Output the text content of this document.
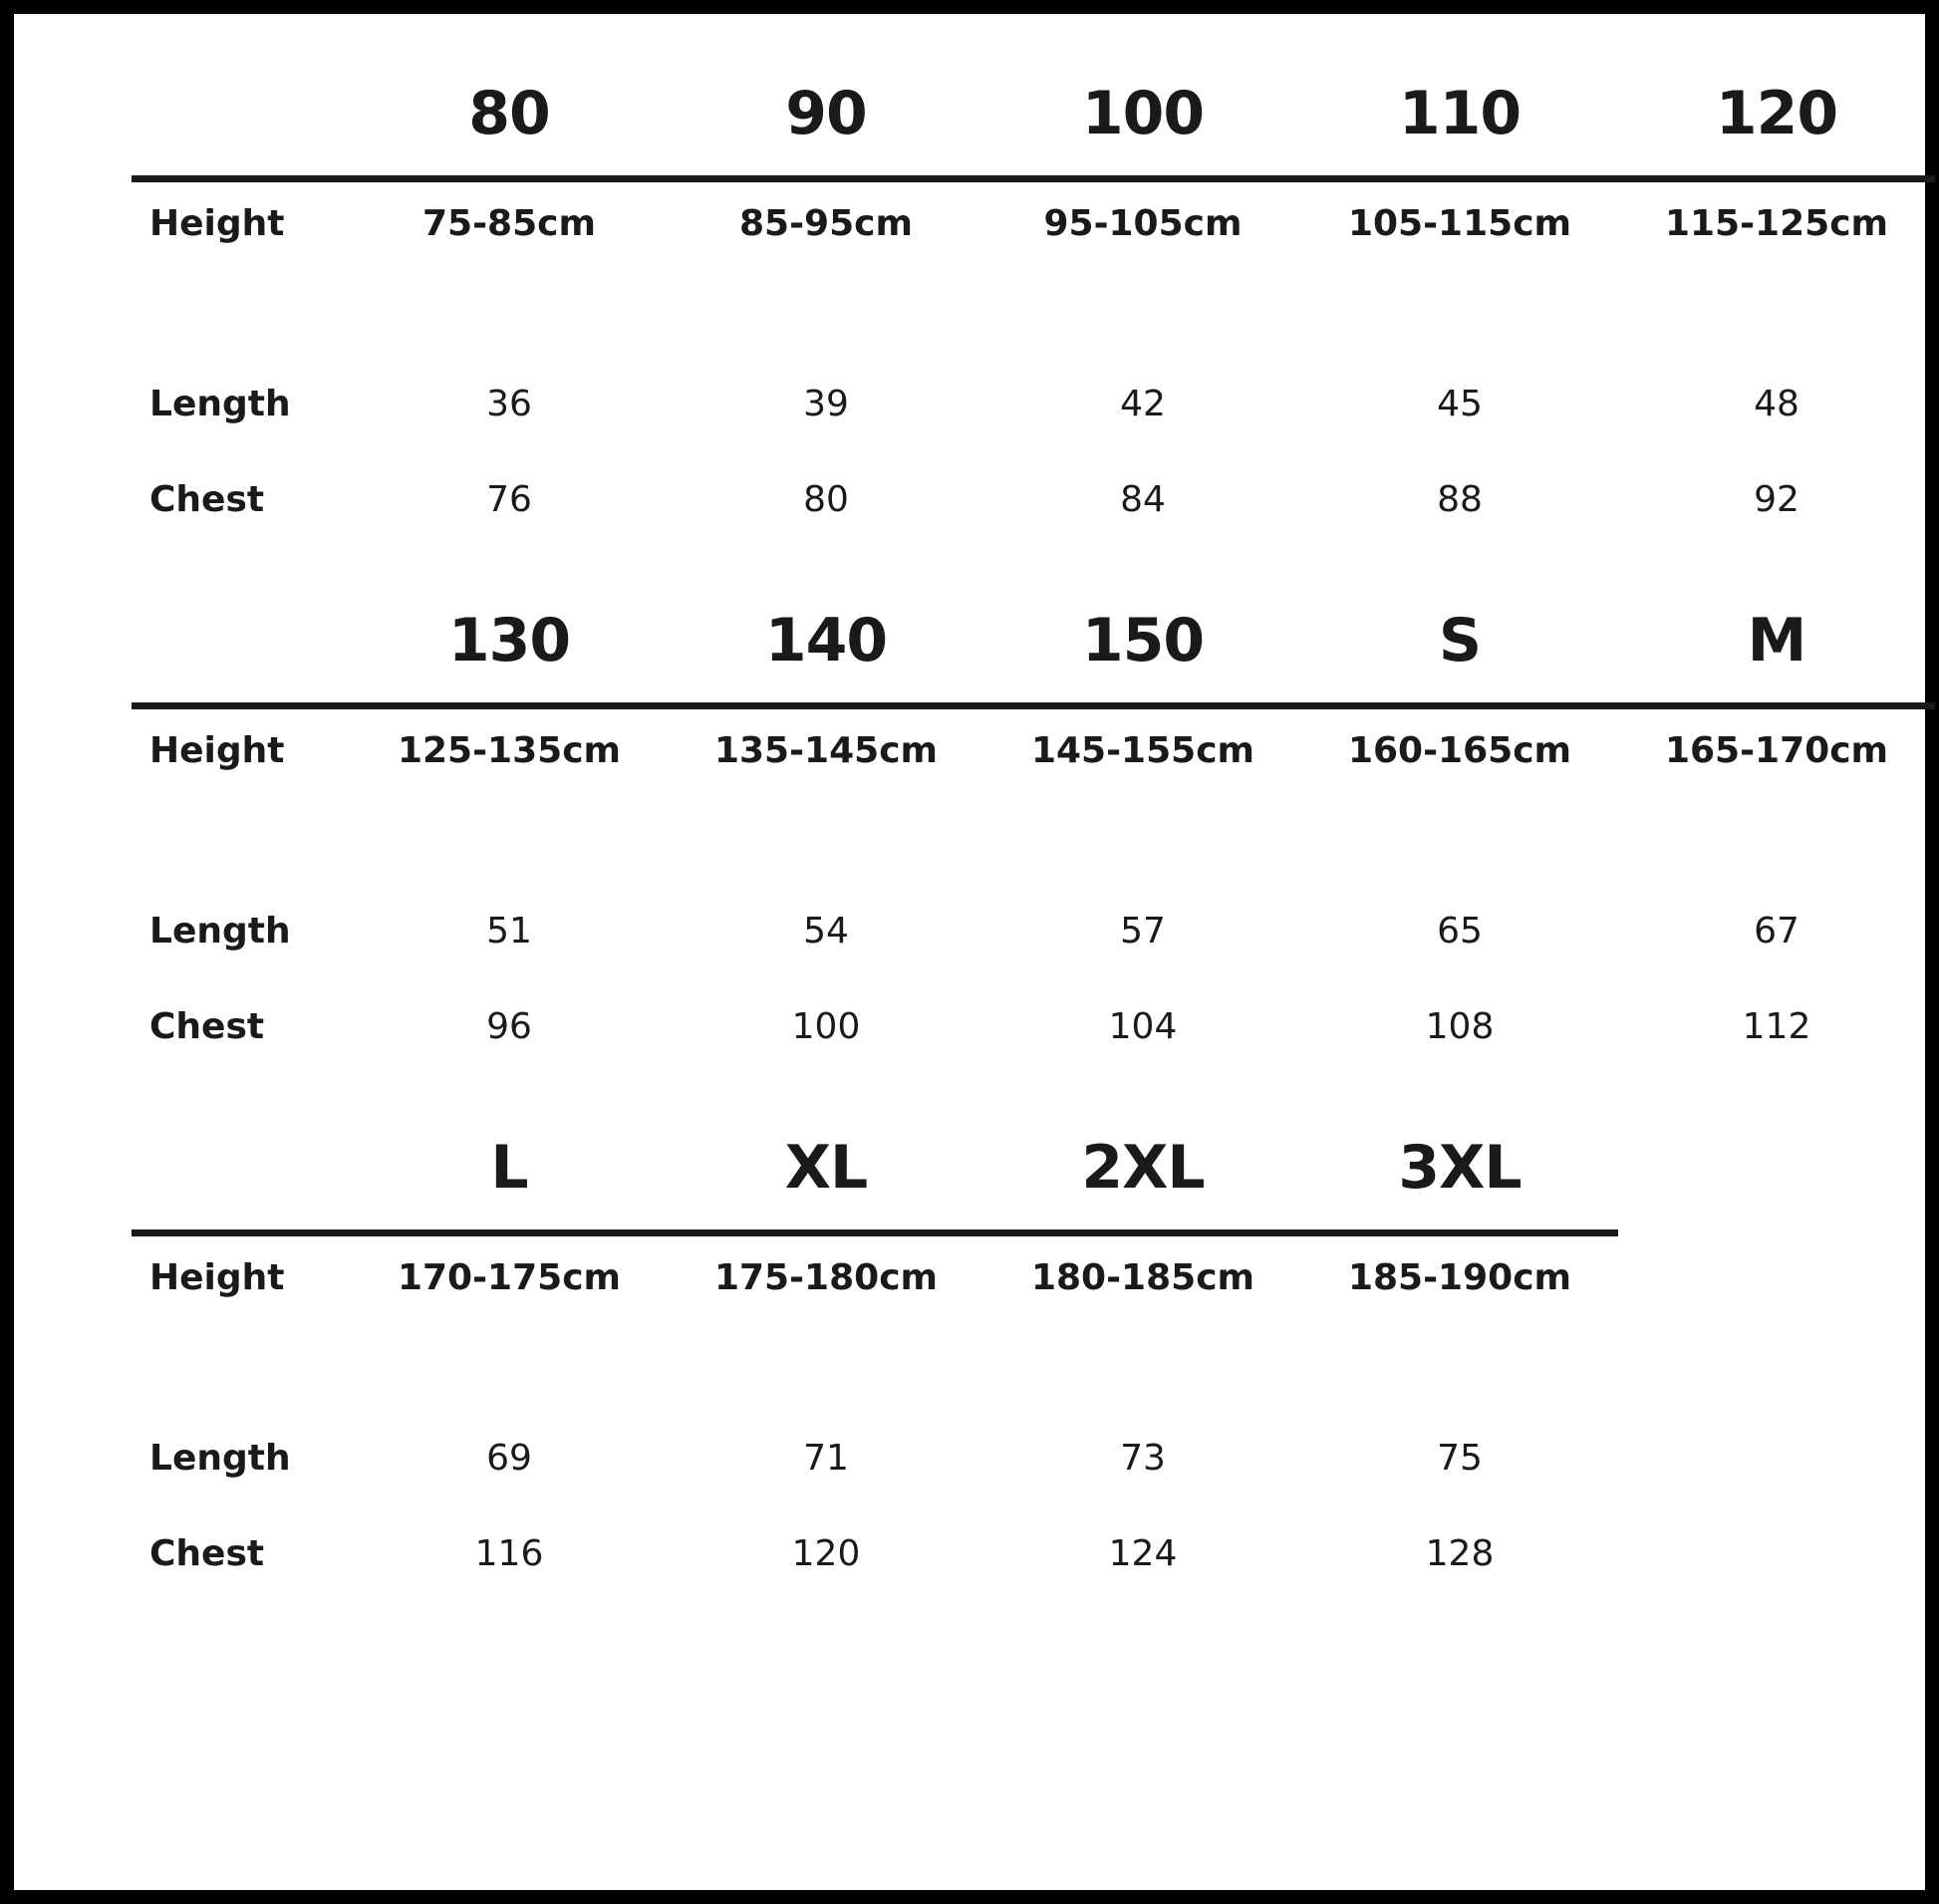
	80	90	100	110	120

Height	75-85cm	85-95cm	95-105cm	105-115cm	115-125cm

Length	36	39	42	45	48
Chest	76	80	84	88	92
	130	140	150	S	M

Height	125-135cm	135-145cm	145-155cm	160-165cm	165-170cm

Length	51	54	57	65	67
Chest	96	100	104	108	112
	L	XL	2XL	3XL	

Height	170-175cm	175-180cm	180-185cm	185-190cm	

Length	69	71	73	75	
Chest	116	120	124	128	
